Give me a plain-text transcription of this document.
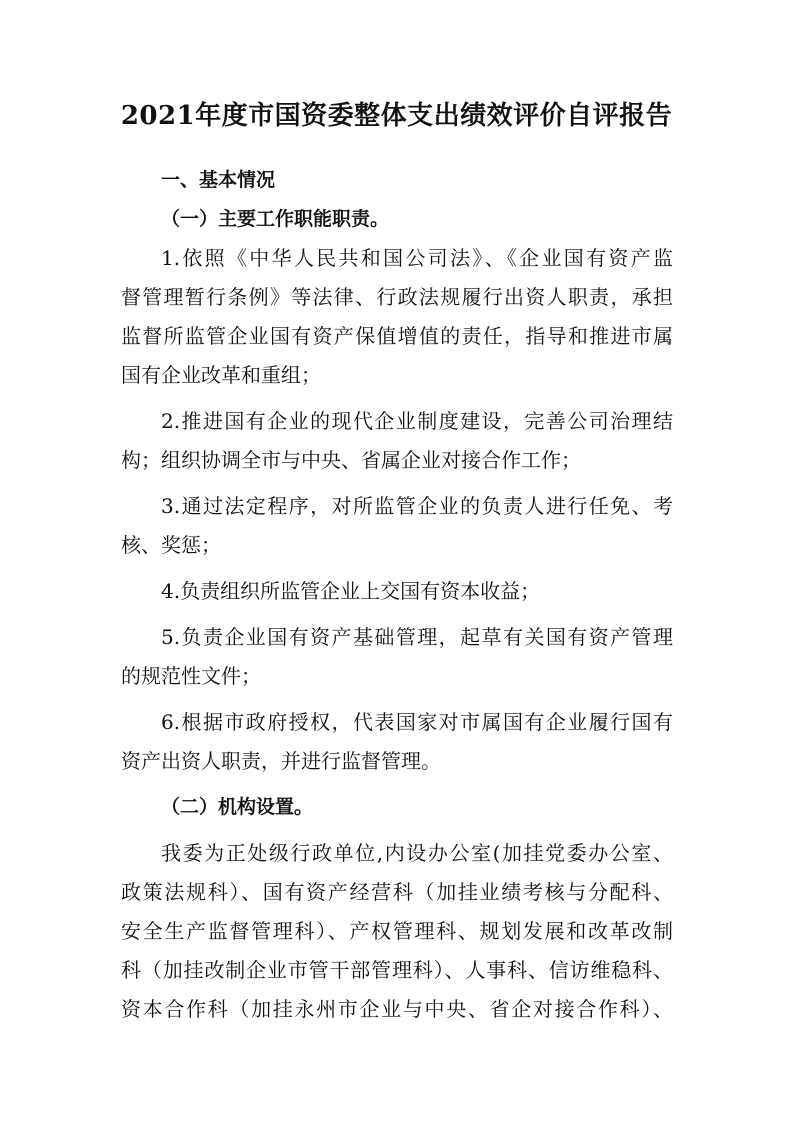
2021年度市国资委整体支出绩效评价自评报告
一、基本情况
（一）主要工作职能职责。
1.依照《中华人民共和国公司法》、《企业国有资产监
督管理暂行条例》等法律、行政法规履行出资人职责，承担
监督所监管企业国有资产保值增值的责任，指导和推进市属
国有企业改革和重组；
2.推进国有企业的现代企业制度建设，完善公司治理结
构；组织协调全市与中央、省属企业对接合作工作；
3.通过法定程序，对所监管企业的负责人进行任免、考
核、奖惩；
4.负责组织所监管企业上交国有资本收益；
5.负责企业国有资产基础管理，起草有关国有资产管理
的规范性文件；
6.根据市政府授权，代表国家对市属国有企业履行国有
资产出资人职责，并进行监督管理。
（二）机构设置。
我委为正处级行政单位,内设办公室(加挂党委办公室、
政策法规科）、国有资产经营科（加挂业绩考核与分配科、
安全生产监督管理科）、产权管理科、规划发展和改革改制
科（加挂改制企业市管干部管理科）、人事科、信访维稳科、
资本合作科（加挂永州市企业与中央、省企对接合作科）、
